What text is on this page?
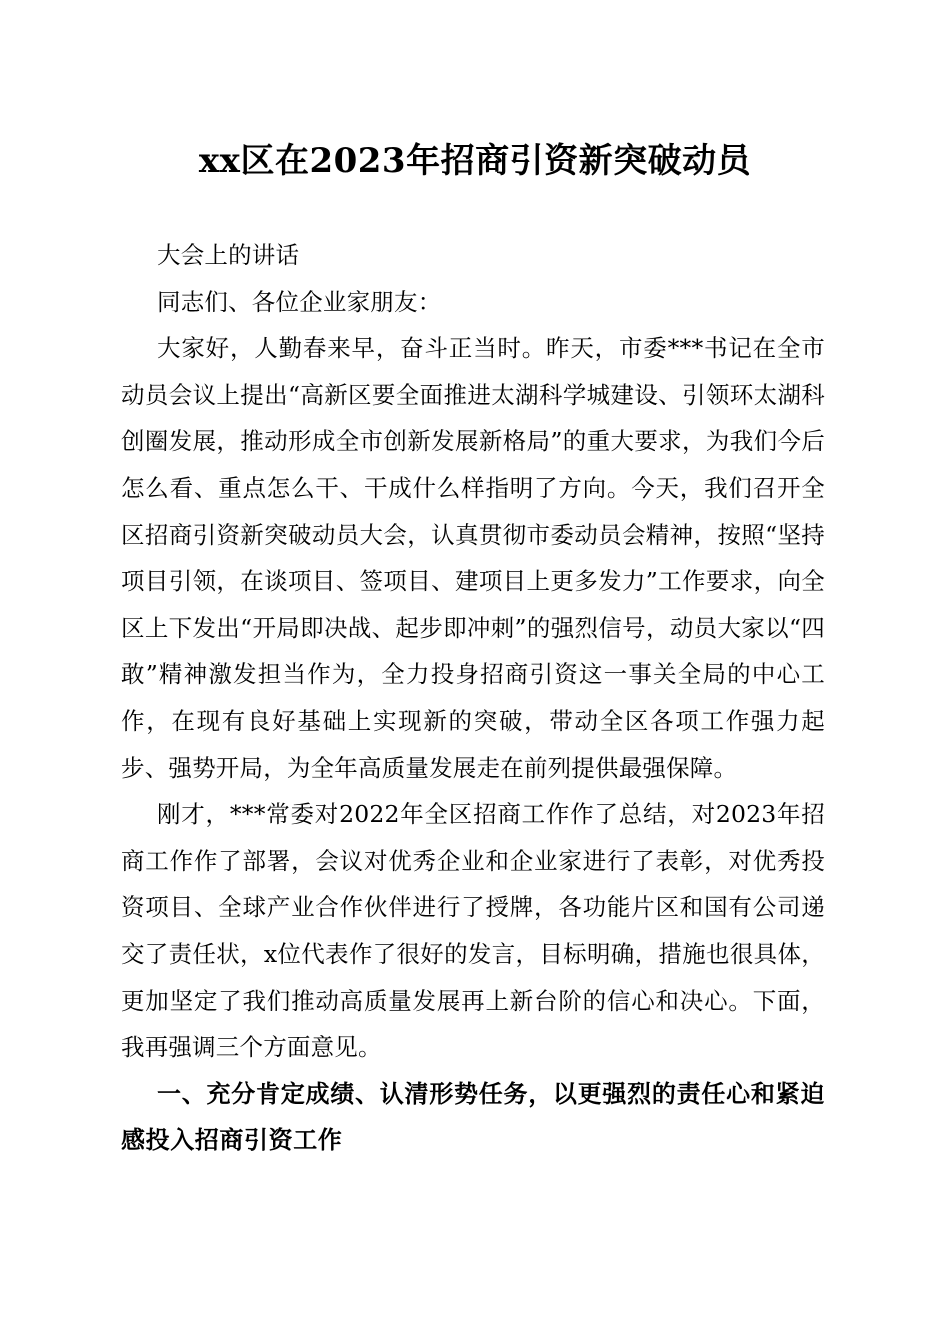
xx区在2023年招商引资新突破动员

大会上的讲话

同志们、各位企业家朋友：

大家好，人勤春来早，奋斗正当时。昨天，市委***书记在全市动员会议上提出“高新区要全面推进太湖科学城建设、引领环太湖科创圈发展，推动形成全市创新发展新格局”的重大要求，为我们今后怎么看、重点怎么干、干成什么样指明了方向。今天，我们召开全区招商引资新突破动员大会，认真贯彻市委动员会精神，按照“坚持项目引领，在谈项目、签项目、建项目上更多发力”工作要求，向全区上下发出“开局即决战、起步即冲刺”的强烈信号，动员大家以“四敢”精神激发担当作为，全力投身招商引资这一事关全局的中心工作，在现有良好基础上实现新的突破，带动全区各项工作强力起步、强势开局，为全年高质量发展走在前列提供最强保障。

刚才，***常委对2022年全区招商工作作了总结，对2023年招商工作作了部署，会议对优秀企业和企业家进行了表彰，对优秀投资项目、全球产业合作伙伴进行了授牌，各功能片区和国有公司递交了责任状，x位代表作了很好的发言，目标明确，措施也很具体，更加坚定了我们推动高质量发展再上新台阶的信心和决心。下面，我再强调三个方面意见。

一、充分肯定成绩、认清形势任务，以更强烈的责任心和紧迫感投入招商引资工作
